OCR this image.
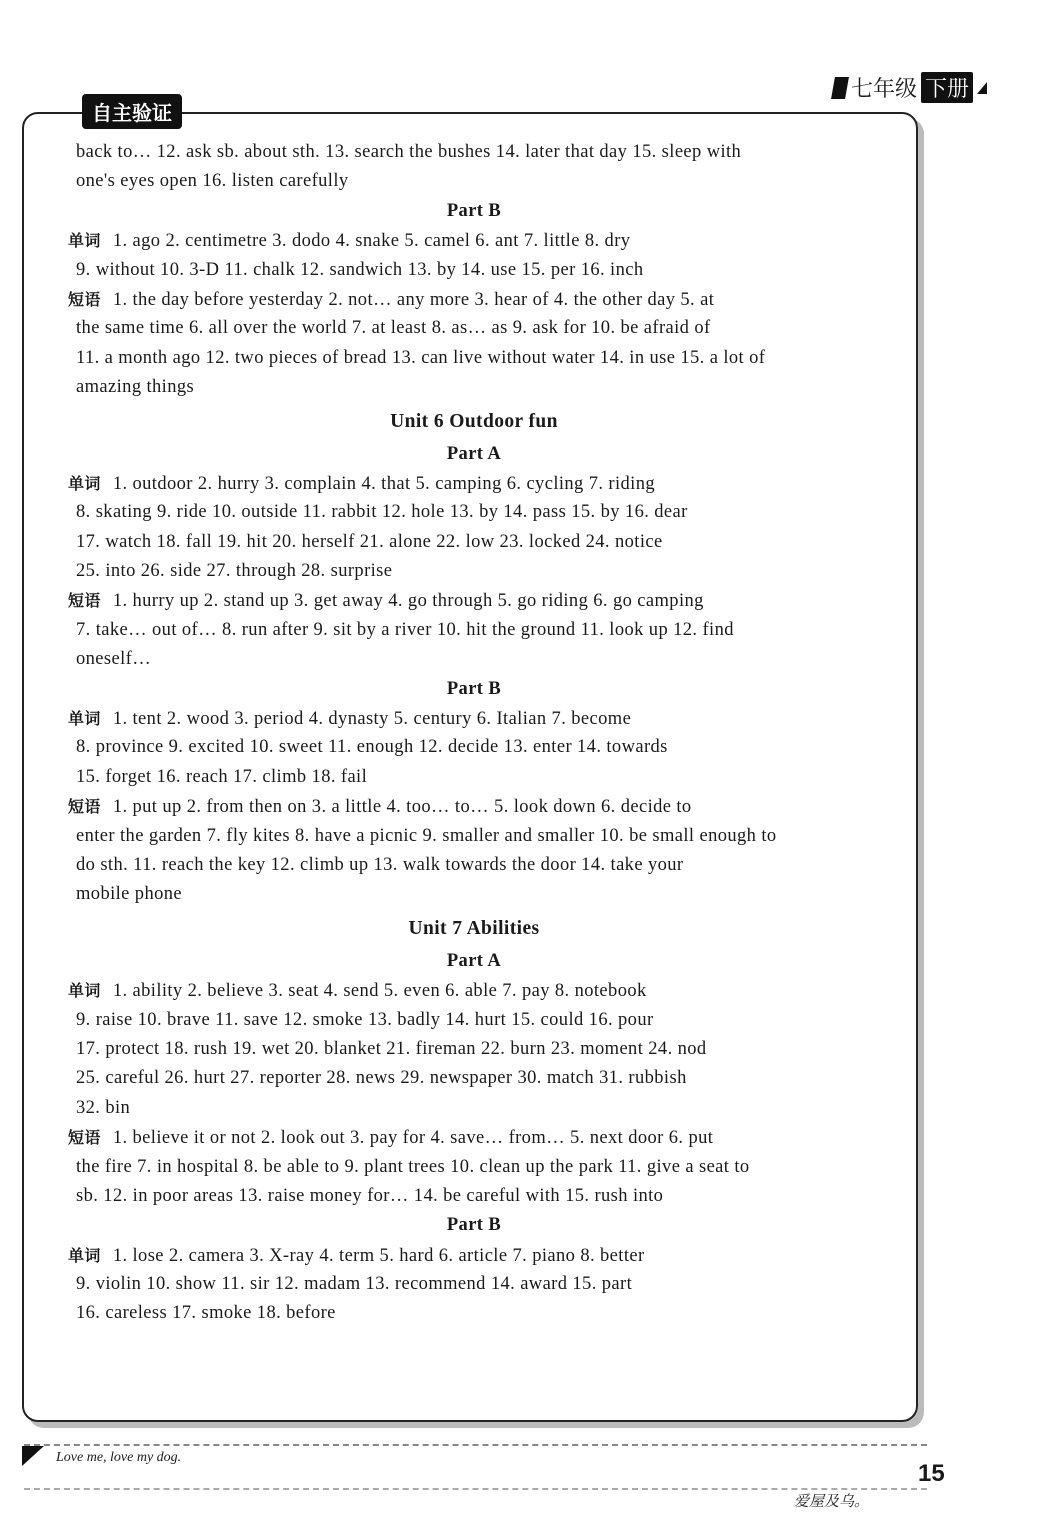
七年级 下册
自主验证
back to… 12. ask sb. about sth. 13. search the bushes 14. later that day 15. sleep with
one's eyes open 16. listen carefully
Part B
单词 1. ago 2. centimetre 3. dodo 4. snake 5. camel 6. ant 7. little 8. dry
9. without 10. 3-D 11. chalk 12. sandwich 13. by 14. use 15. per 16. inch
短语 1. the day before yesterday 2. not… any more 3. hear of 4. the other day 5. at
the same time 6. all over the world 7. at least 8. as… as 9. ask for 10. be afraid of
11. a month ago 12. two pieces of bread 13. can live without water 14. in use 15. a lot of
amazing things
Unit 6 Outdoor fun
Part A
单词 1. outdoor 2. hurry 3. complain 4. that 5. camping 6. cycling 7. riding
8. skating 9. ride 10. outside 11. rabbit 12. hole 13. by 14. pass 15. by 16. dear
17. watch 18. fall 19. hit 20. herself 21. alone 22. low 23. locked 24. notice
25. into 26. side 27. through 28. surprise
短语 1. hurry up 2. stand up 3. get away 4. go through 5. go riding 6. go camping
7. take… out of… 8. run after 9. sit by a river 10. hit the ground 11. look up 12. find
oneself…
Part B
单词 1. tent 2. wood 3. period 4. dynasty 5. century 6. Italian 7. become
8. province 9. excited 10. sweet 11. enough 12. decide 13. enter 14. towards
15. forget 16. reach 17. climb 18. fail
短语 1. put up 2. from then on 3. a little 4. too… to… 5. look down 6. decide to
enter the garden 7. fly kites 8. have a picnic 9. smaller and smaller 10. be small enough to
do sth. 11. reach the key 12. climb up 13. walk towards the door 14. take your
mobile phone
Unit 7 Abilities
Part A
单词 1. ability 2. believe 3. seat 4. send 5. even 6. able 7. pay 8. notebook
9. raise 10. brave 11. save 12. smoke 13. badly 14. hurt 15. could 16. pour
17. protect 18. rush 19. wet 20. blanket 21. fireman 22. burn 23. moment 24. nod
25. careful 26. hurt 27. reporter 28. news 29. newspaper 30. match 31. rubbish
32. bin
短语 1. believe it or not 2. look out 3. pay for 4. save… from… 5. next door 6. put
the fire 7. in hospital 8. be able to 9. plant trees 10. clean up the park 11. give a seat to
sb. 12. in poor areas 13. raise money for… 14. be careful with 15. rush into
Part B
单词 1. lose 2. camera 3. X-ray 4. term 5. hard 6. article 7. piano 8. better
9. violin 10. show 11. sir 12. madam 13. recommend 14. award 15. part
16. careless 17. smoke 18. before
Love me, love my dog.
爱屋及乌。
15
